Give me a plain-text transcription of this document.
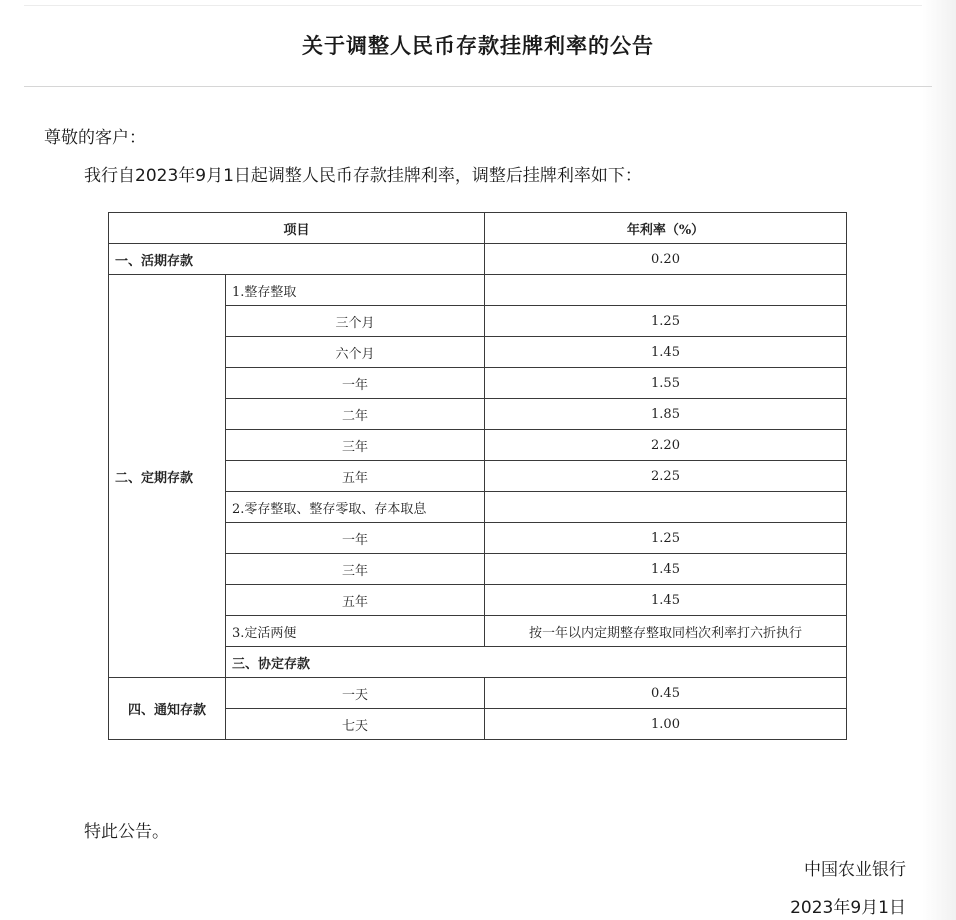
关于调整人民币存款挂牌利率的公告
尊敬的客户：
我行自2023年9月1日起调整人民币存款挂牌利率，调整后挂牌利率如下：
项目		年利率（%）	
一、活期存款		0.20	
二、定期存款	1.整存整取		
	三个月	1.25	
	六个月	1.45	
	一年	1.55	
	二年	1.85	
	三年	2.20	
	五年	2.25	
	2.零存整取、整存零取、存本取息		
	一年	1.25	
	三年	1.45	
	五年	1.45	
	3.定活两便	按一年以内定期整存整取同档次利率打六折执行	
	三、协定存款	
四、通知存款	一天	0.45	
	七天	1.00	
特此公告。
中国农业银行
2023年9月1日
